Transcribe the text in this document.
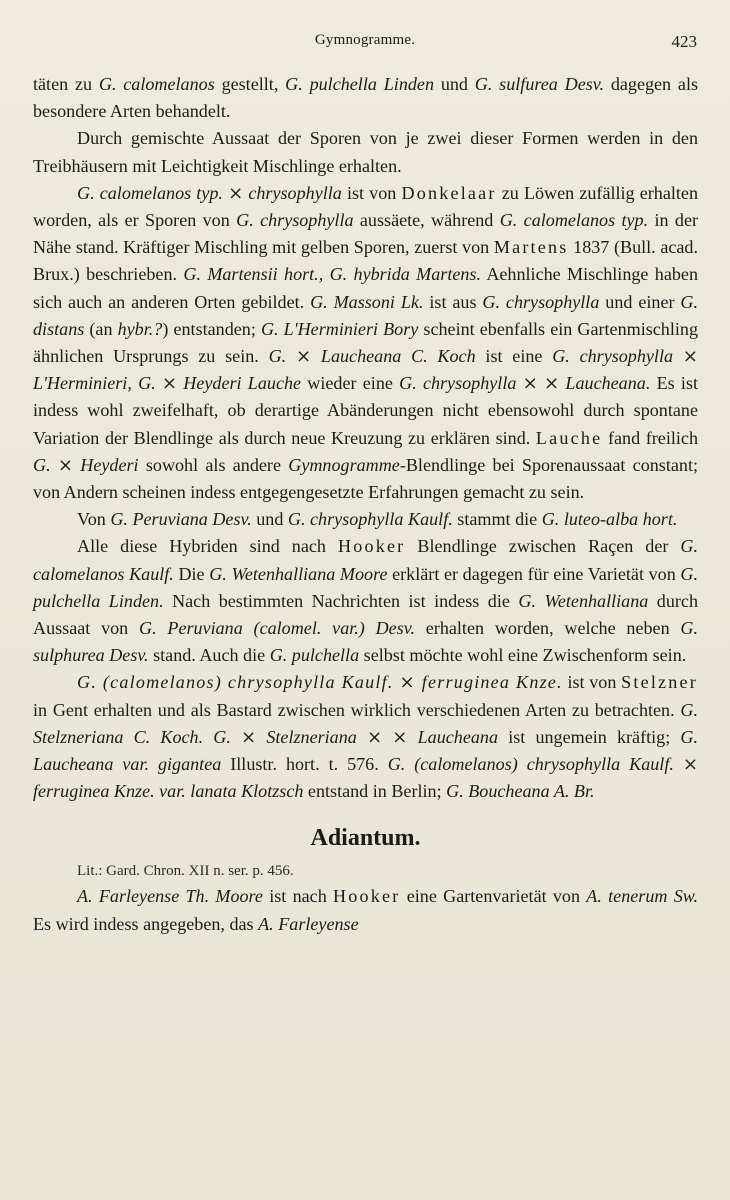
Gymnogramme.	423

täten zu G. calomelanos gestellt, G. pulchella Linden und G. sulfurea Desv. dagegen als besondere Arten behandelt.

Durch gemischte Aussaat der Sporen von je zwei dieser Formen werden in den Treibhäusern mit Leichtigkeit Mischlinge erhalten.

G. calomelanos typ. ⨯ chrysophylla ist von Donkelaar zu Löwen zufällig erhalten worden, als er Sporen von G. chrysophylla aussäete, während G. calomelanos typ. in der Nähe stand. Kräftiger Mischling mit gelben Sporen, zuerst von Martens 1837 (Bull. acad. Brux.) beschrieben. G. Martensii hort., G. hybrida Martens. Aehnliche Mischlinge haben sich auch an anderen Orten gebildet. G. Massoni Lk. ist aus G. chrysophylla und einer G. distans (an hybr.?) entstanden; G. L'Herminieri Bory scheint ebenfalls ein Gartenmischling ähnlichen Ursprungs zu sein. G. ⨯ Laucheana C. Koch ist eine G. chrysophylla ⨯ L'Herminieri, G. ⨯ Heyderi Lauche wieder eine G. chrysophylla ⨯ ⨯ Laucheana. Es ist indess wohl zweifelhaft, ob derartige Abänderungen nicht ebensowohl durch spontane Variation der Blendlinge als durch neue Kreuzung zu erklären sind. Lauche fand freilich G. ⨯ Heyderi sowohl als andere Gymnogramme-Blendlinge bei Sporenaussaat constant; von Andern scheinen indess entgegengesetzte Erfahrungen gemacht zu sein.

Von G. Peruviana Desv. und G. chrysophylla Kaulf. stammt die G. luteo-alba hort.

Alle diese Hybriden sind nach Hooker Blendlinge zwischen Raçen der G. calomelanos Kaulf. Die G. Wetenhalliana Moore erklärt er dagegen für eine Varietät von G. pulchella Linden. Nach bestimmten Nachrichten ist indess die G. Wetenhalliana durch Aussaat von G. Peruviana (calomel. var.) Desv. erhalten worden, welche neben G. sulphurea Desv. stand. Auch die G. pulchella selbst möchte wohl eine Zwischenform sein.

G. (calomelanos) chrysophylla Kaulf. ⨯ ferruginea Knze. ist von Stelzner in Gent erhalten und als Bastard zwischen wirklich verschiedenen Arten zu betrachten. G. Stelzneriana C. Koch. G. ⨯ Stelzneriana ⨯ ⨯ Laucheana ist ungemein kräftig; G. Laucheana var. gigantea Illustr. hort. t. 576. G. (calomelanos) chrysophylla Kaulf. ⨯ ferruginea Knze. var. lanata Klotzsch entstand in Berlin; G. Boucheana A. Br.

Adiantum.

Lit.: Gard. Chron. XII n. ser. p. 456.

A. Farleyense Th. Moore ist nach Hooker eine Gartenvarietät von A. tenerum Sw. Es wird indess angegeben, das A. Farleyense
